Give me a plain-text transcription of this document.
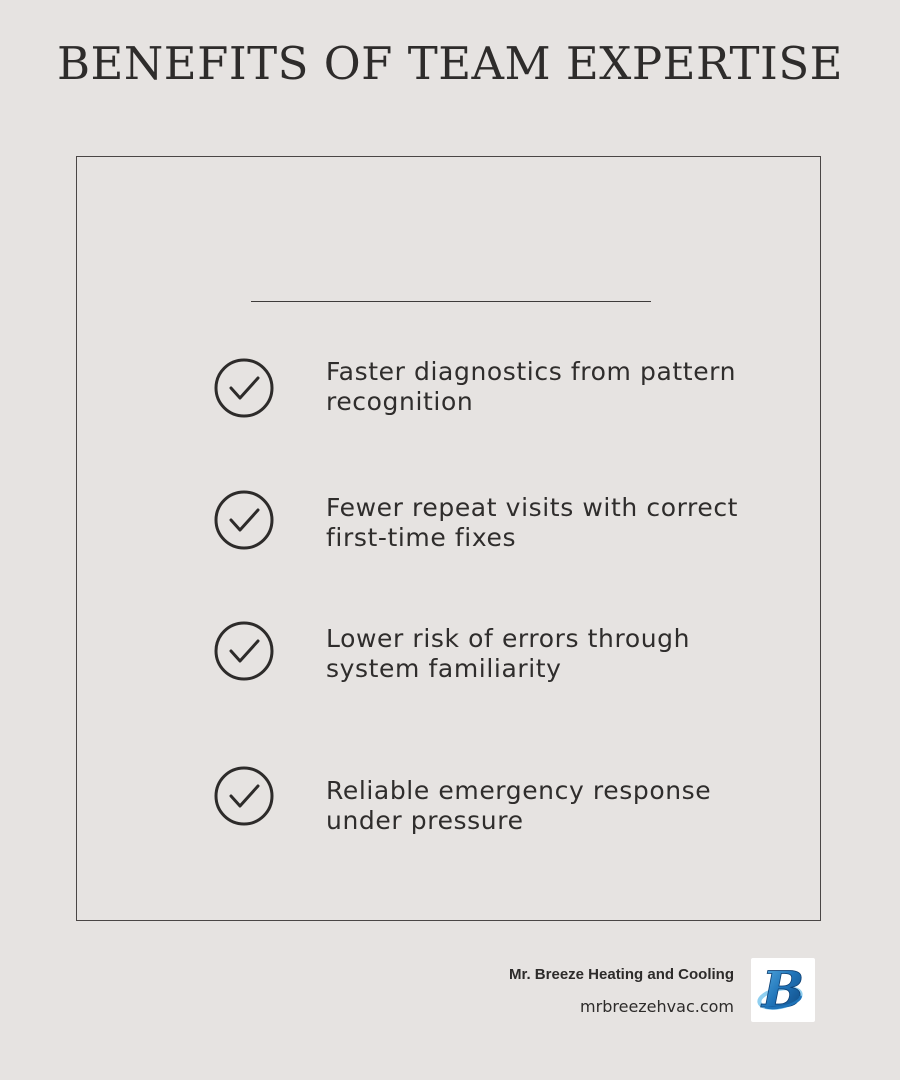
BENEFITS OF TEAM EXPERTISE

Faster diagnostics from pattern recognition

Fewer repeat visits with correct first-time fixes

Lower risk of errors through system familiarity

Reliable emergency response under pressure

Mr. Breeze Heating and Cooling
mrbreezehvac.com B
